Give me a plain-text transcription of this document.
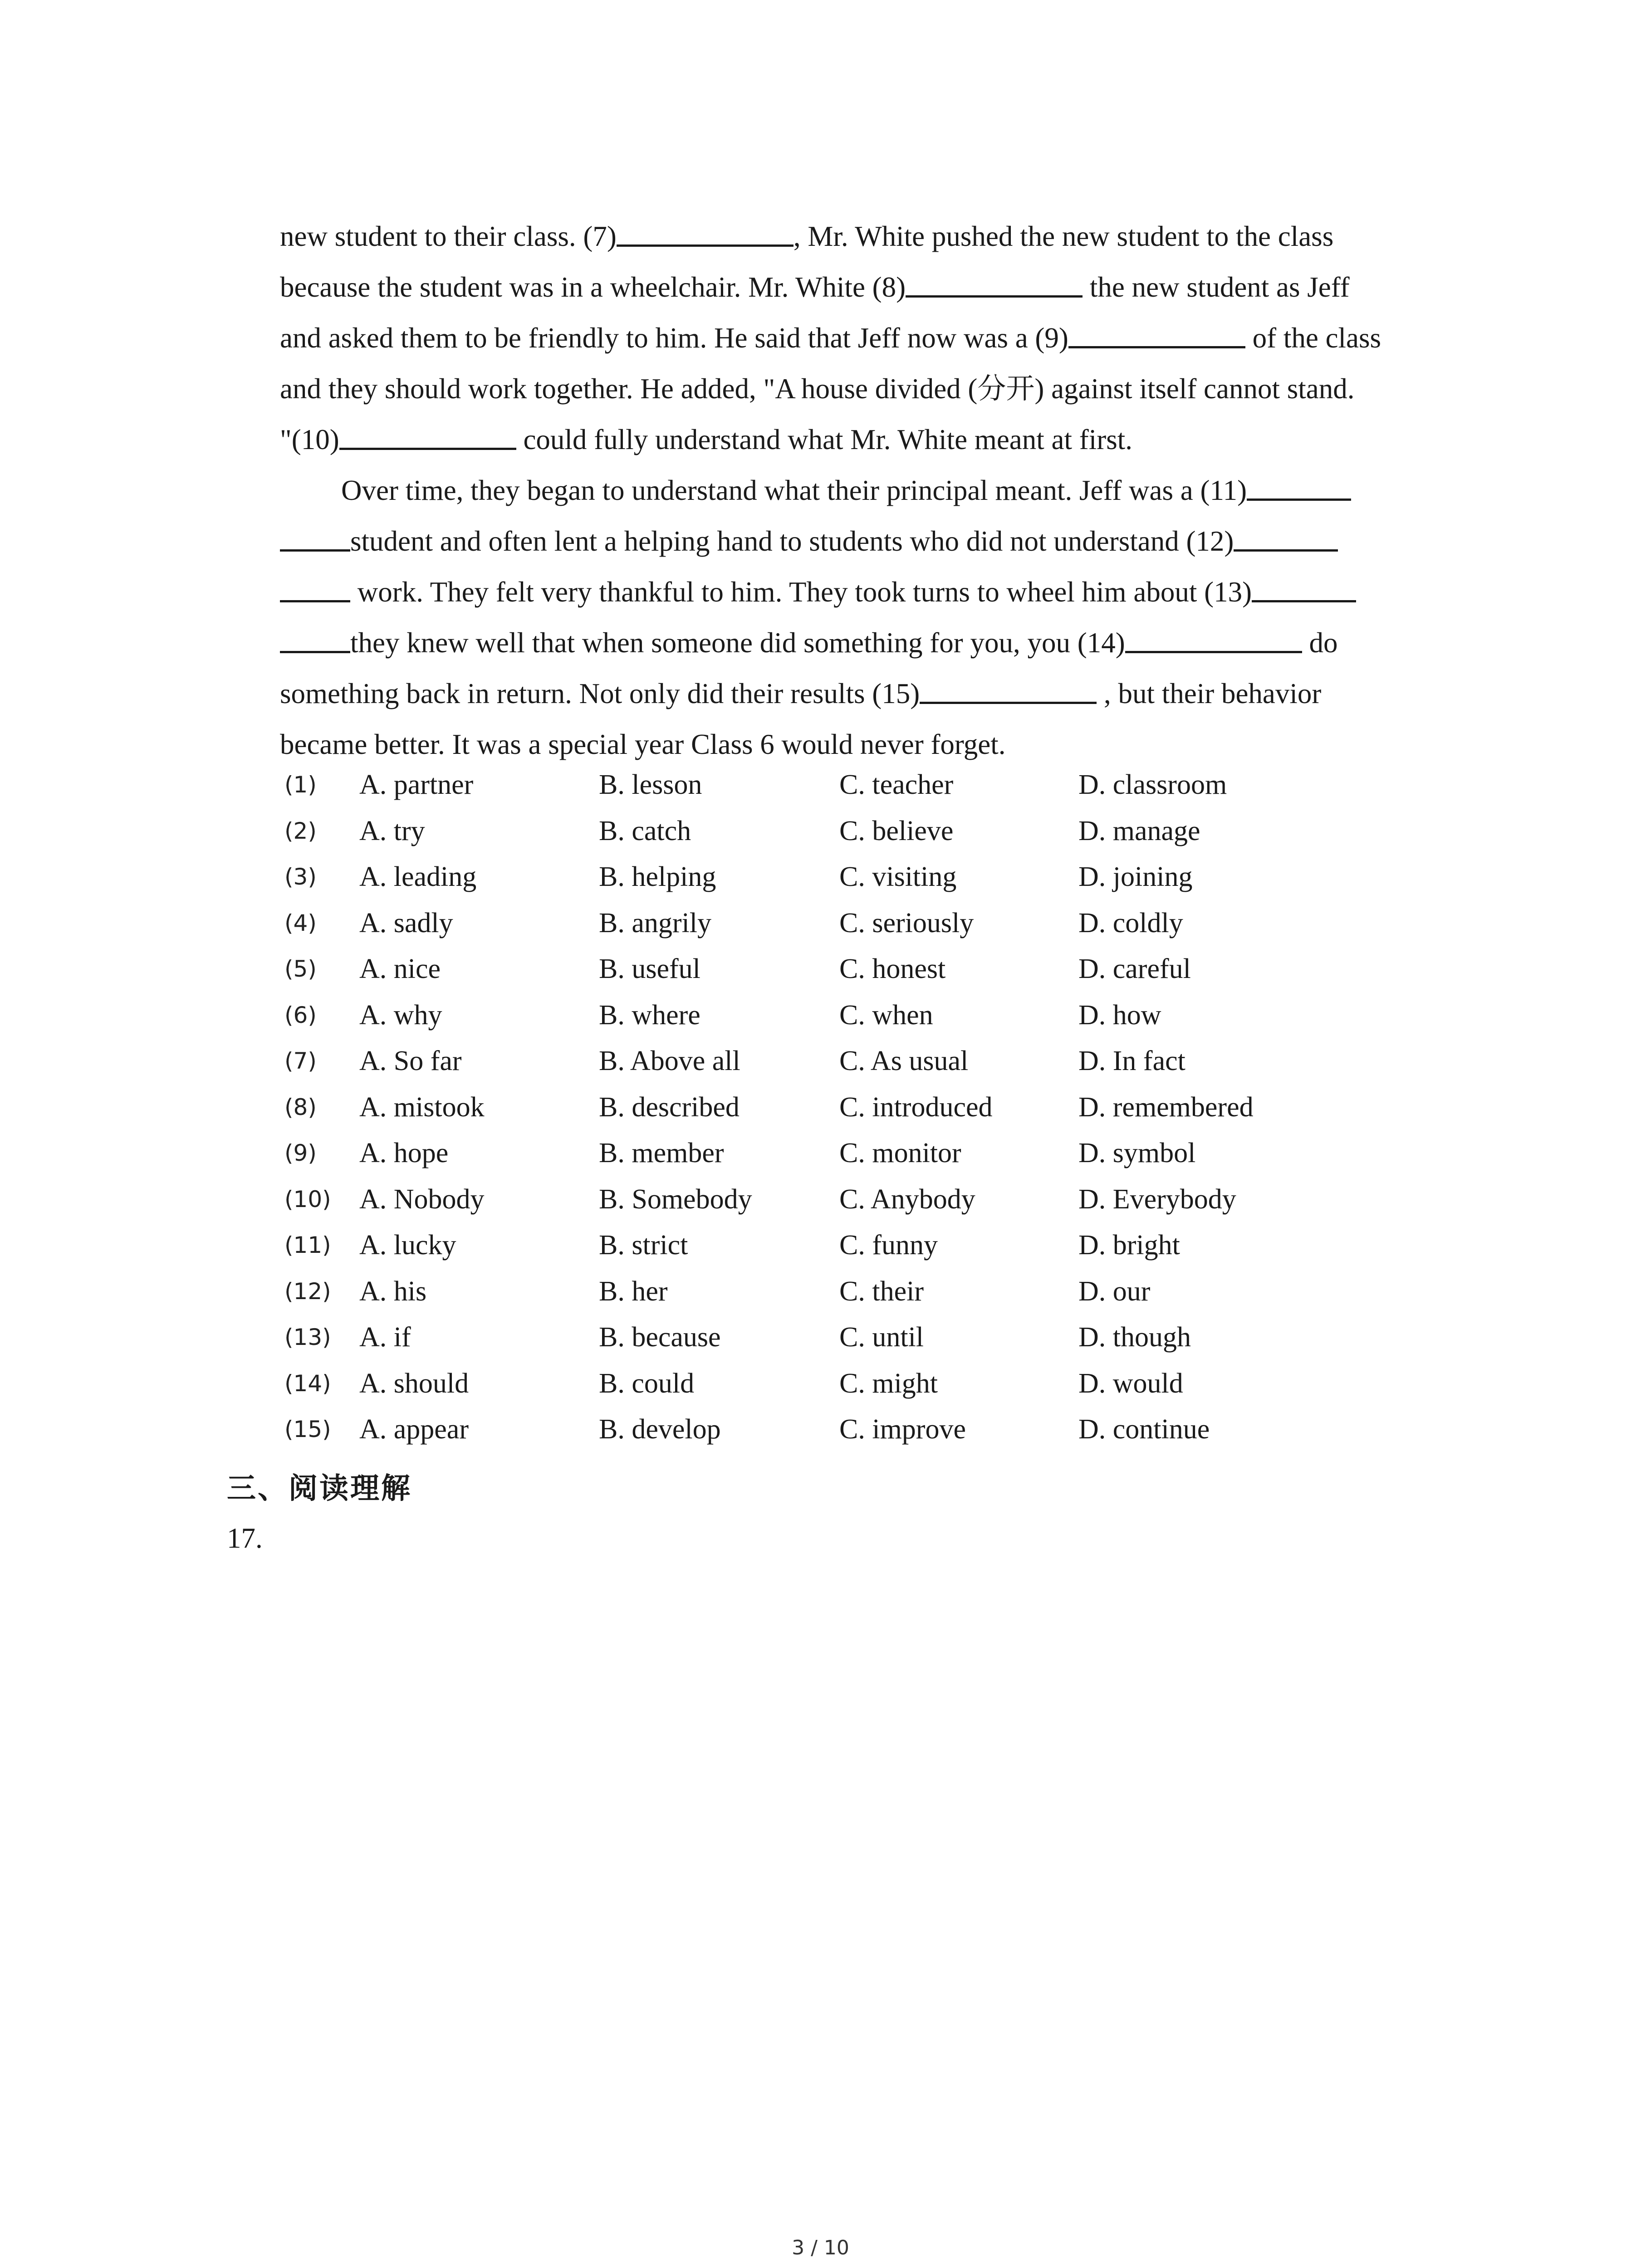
new student to their class. (7)	, Mr. White pushed the new student to the class
because the student was in a wheelchair. Mr. White (8)	the new student as Jeff
and asked them to be friendly to him. He said that Jeff now was a (9)	of the class
and they should work together. He added, "A house divided (分开) against itself cannot stand.
"(10)	could fully understand what Mr. White meant at first.
Over time, they began to understand what their principal meant. Jeff was a (11)
student and often lent a helping hand to students who did not understand (12)
work. They felt very thankful to him. They took turns to wheel him about (13)
they knew well that when someone did something for you, you (14)	do
something back in return. Not only did their results (15)	, but their behavior
became better. It was a special year Class 6 would never forget.
(1) A. partner	B. lesson	C. teacher	D. classroom
(2) A. try	B. catch	C. believe	D. manage
(3) A. leading	B. helping	C. visiting	D. joining
(4) A. sadly	B. angrily	C. seriously	D. coldly
(5) A. nice	B. useful	C. honest	D. careful
(6) A. why	B. where	C. when	D. how
(7) A. So far	B. Above all	C. As usual	D. In fact
(8) A. mistook	B. described	C. introduced	D. remembered
(9) A. hope	B. member	C. monitor	D. symbol
(10) A. Nobody	B. Somebody	C. Anybody	D. Everybody
(11) A. lucky	B. strict	C. funny	D. bright
(12) A. his	B. her	C. their	D. our
(13) A. if	B. because	C. until	D. though
(14) A. should	B. could	C. might	D. would
(15) A. appear	B. develop	C. improve	D. continue
三、阅读理解
17.
3 / 10
